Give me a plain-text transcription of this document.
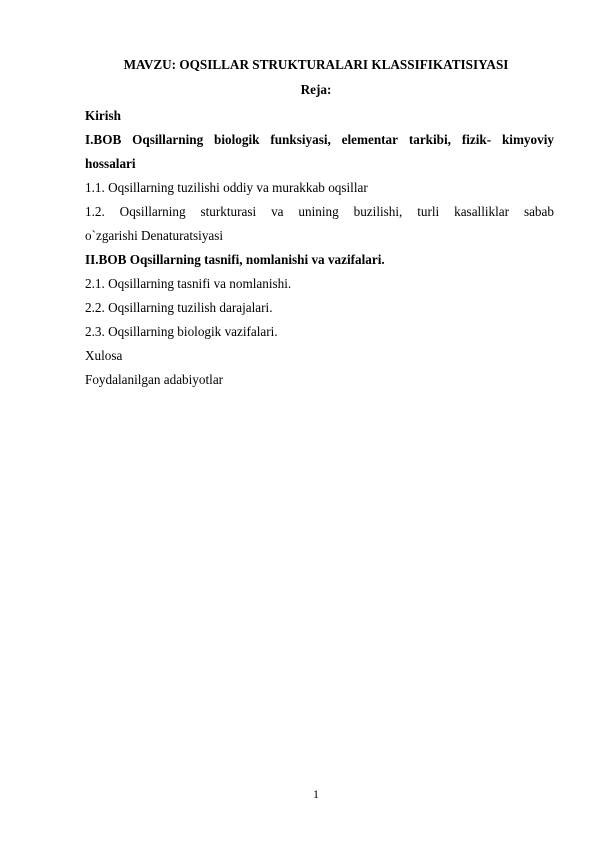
MAVZU: OQSILLAR STRUKTURALARI KLASSIFIKATISIYASI
Reja:
Kirish
I.BOB Oqsillarning biologik funksiyasi, elementar tarkibi, fizik- kimyoviy
hossalari
1.1. Oqsillarning tuzilishi oddiy va murakkab oqsillar
1.2. Oqsillarning sturkturasi va unining buzilishi, turli kasalliklar sabab
o`zgarishi Denaturatsiyasi
II.BOB Oqsillarning tasnifi, nomlanishi va vazifalari.
2.1. Oqsillarning tasnifi va nomlanishi.
2.2. Oqsillarning tuzilish darajalari.
2.3. Oqsillarning biologik vazifalari.
Xulosa
Foydalanilgan adabiyotlar
1
